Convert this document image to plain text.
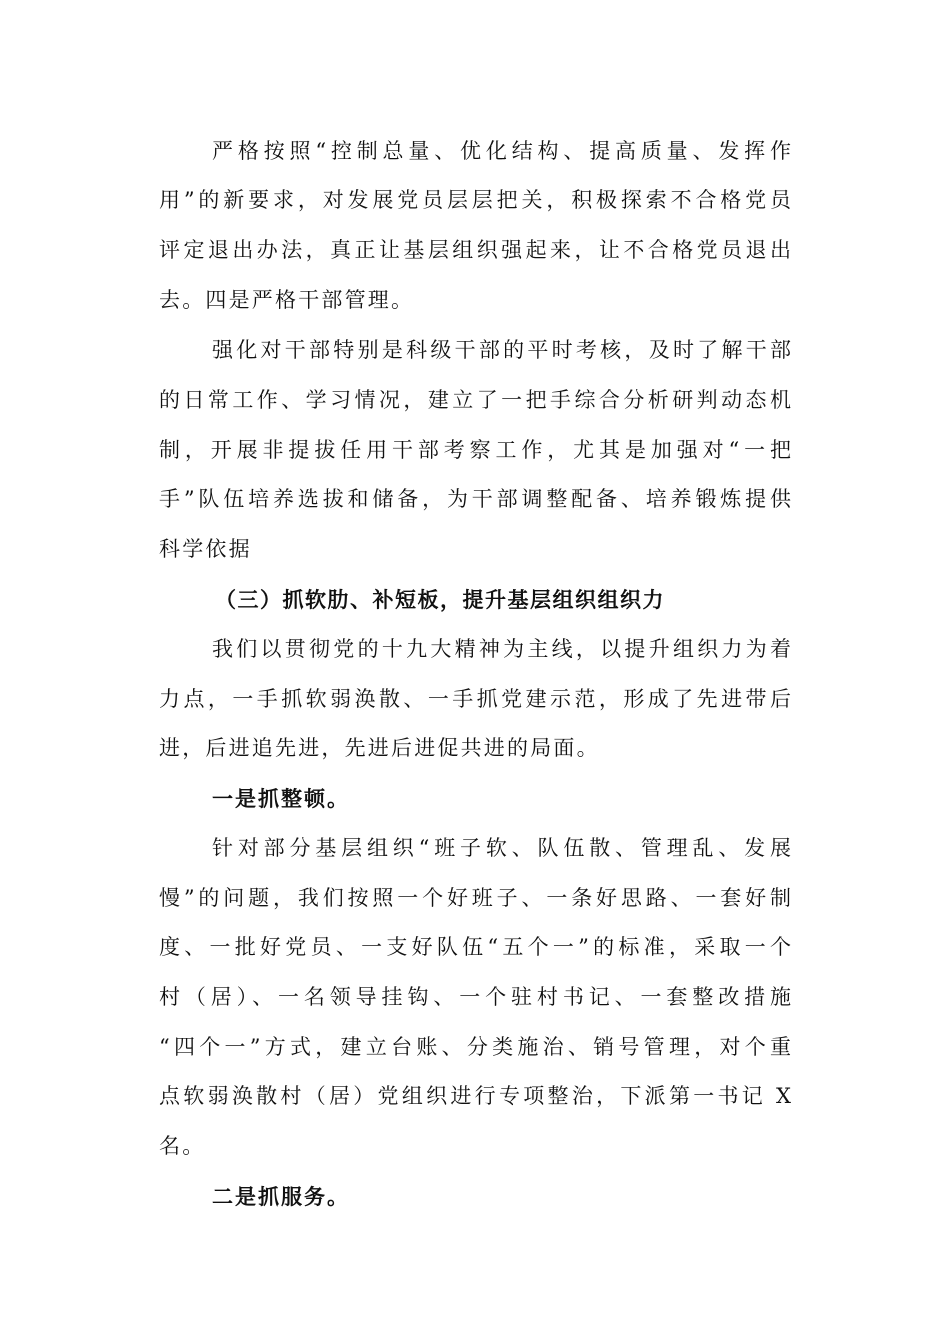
严格按照“控制总量、优化结构、提高质量、发挥作
用”的新要求，对发展党员层层把关，积极探索不合格党员
评定退出办法，真正让基层组织强起来，让不合格党员退出
去。四是严格干部管理。
强化对干部特别是科级干部的平时考核，及时了解干部
的日常工作、学习情况，建立了一把手综合分析研判动态机
制，开展非提拔任用干部考察工作，尤其是加强对“一把
手”队伍培养选拔和储备，为干部调整配备、培养锻炼提供
科学依据
（三）抓软肋、补短板，提升基层组织组织力
我们以贯彻党的十九大精神为主线，以提升组织力为着
力点，一手抓软弱涣散、一手抓党建示范，形成了先进带后
进，后进追先进，先进后进促共进的局面。
一是抓整顿。
针对部分基层组织“班子软、队伍散、管理乱、发展
慢”的问题，我们按照一个好班子、一条好思路、一套好制
度、一批好党员、一支好队伍“五个一”的标准，采取一个
村（居）、一名领导挂钩、一个驻村书记、一套整改措施
“四个一”方式，建立台账、分类施治、销号管理，对个重
点软弱涣散村（居）党组织进行专项整治，下派第一书记 X
名。
二是抓服务。
